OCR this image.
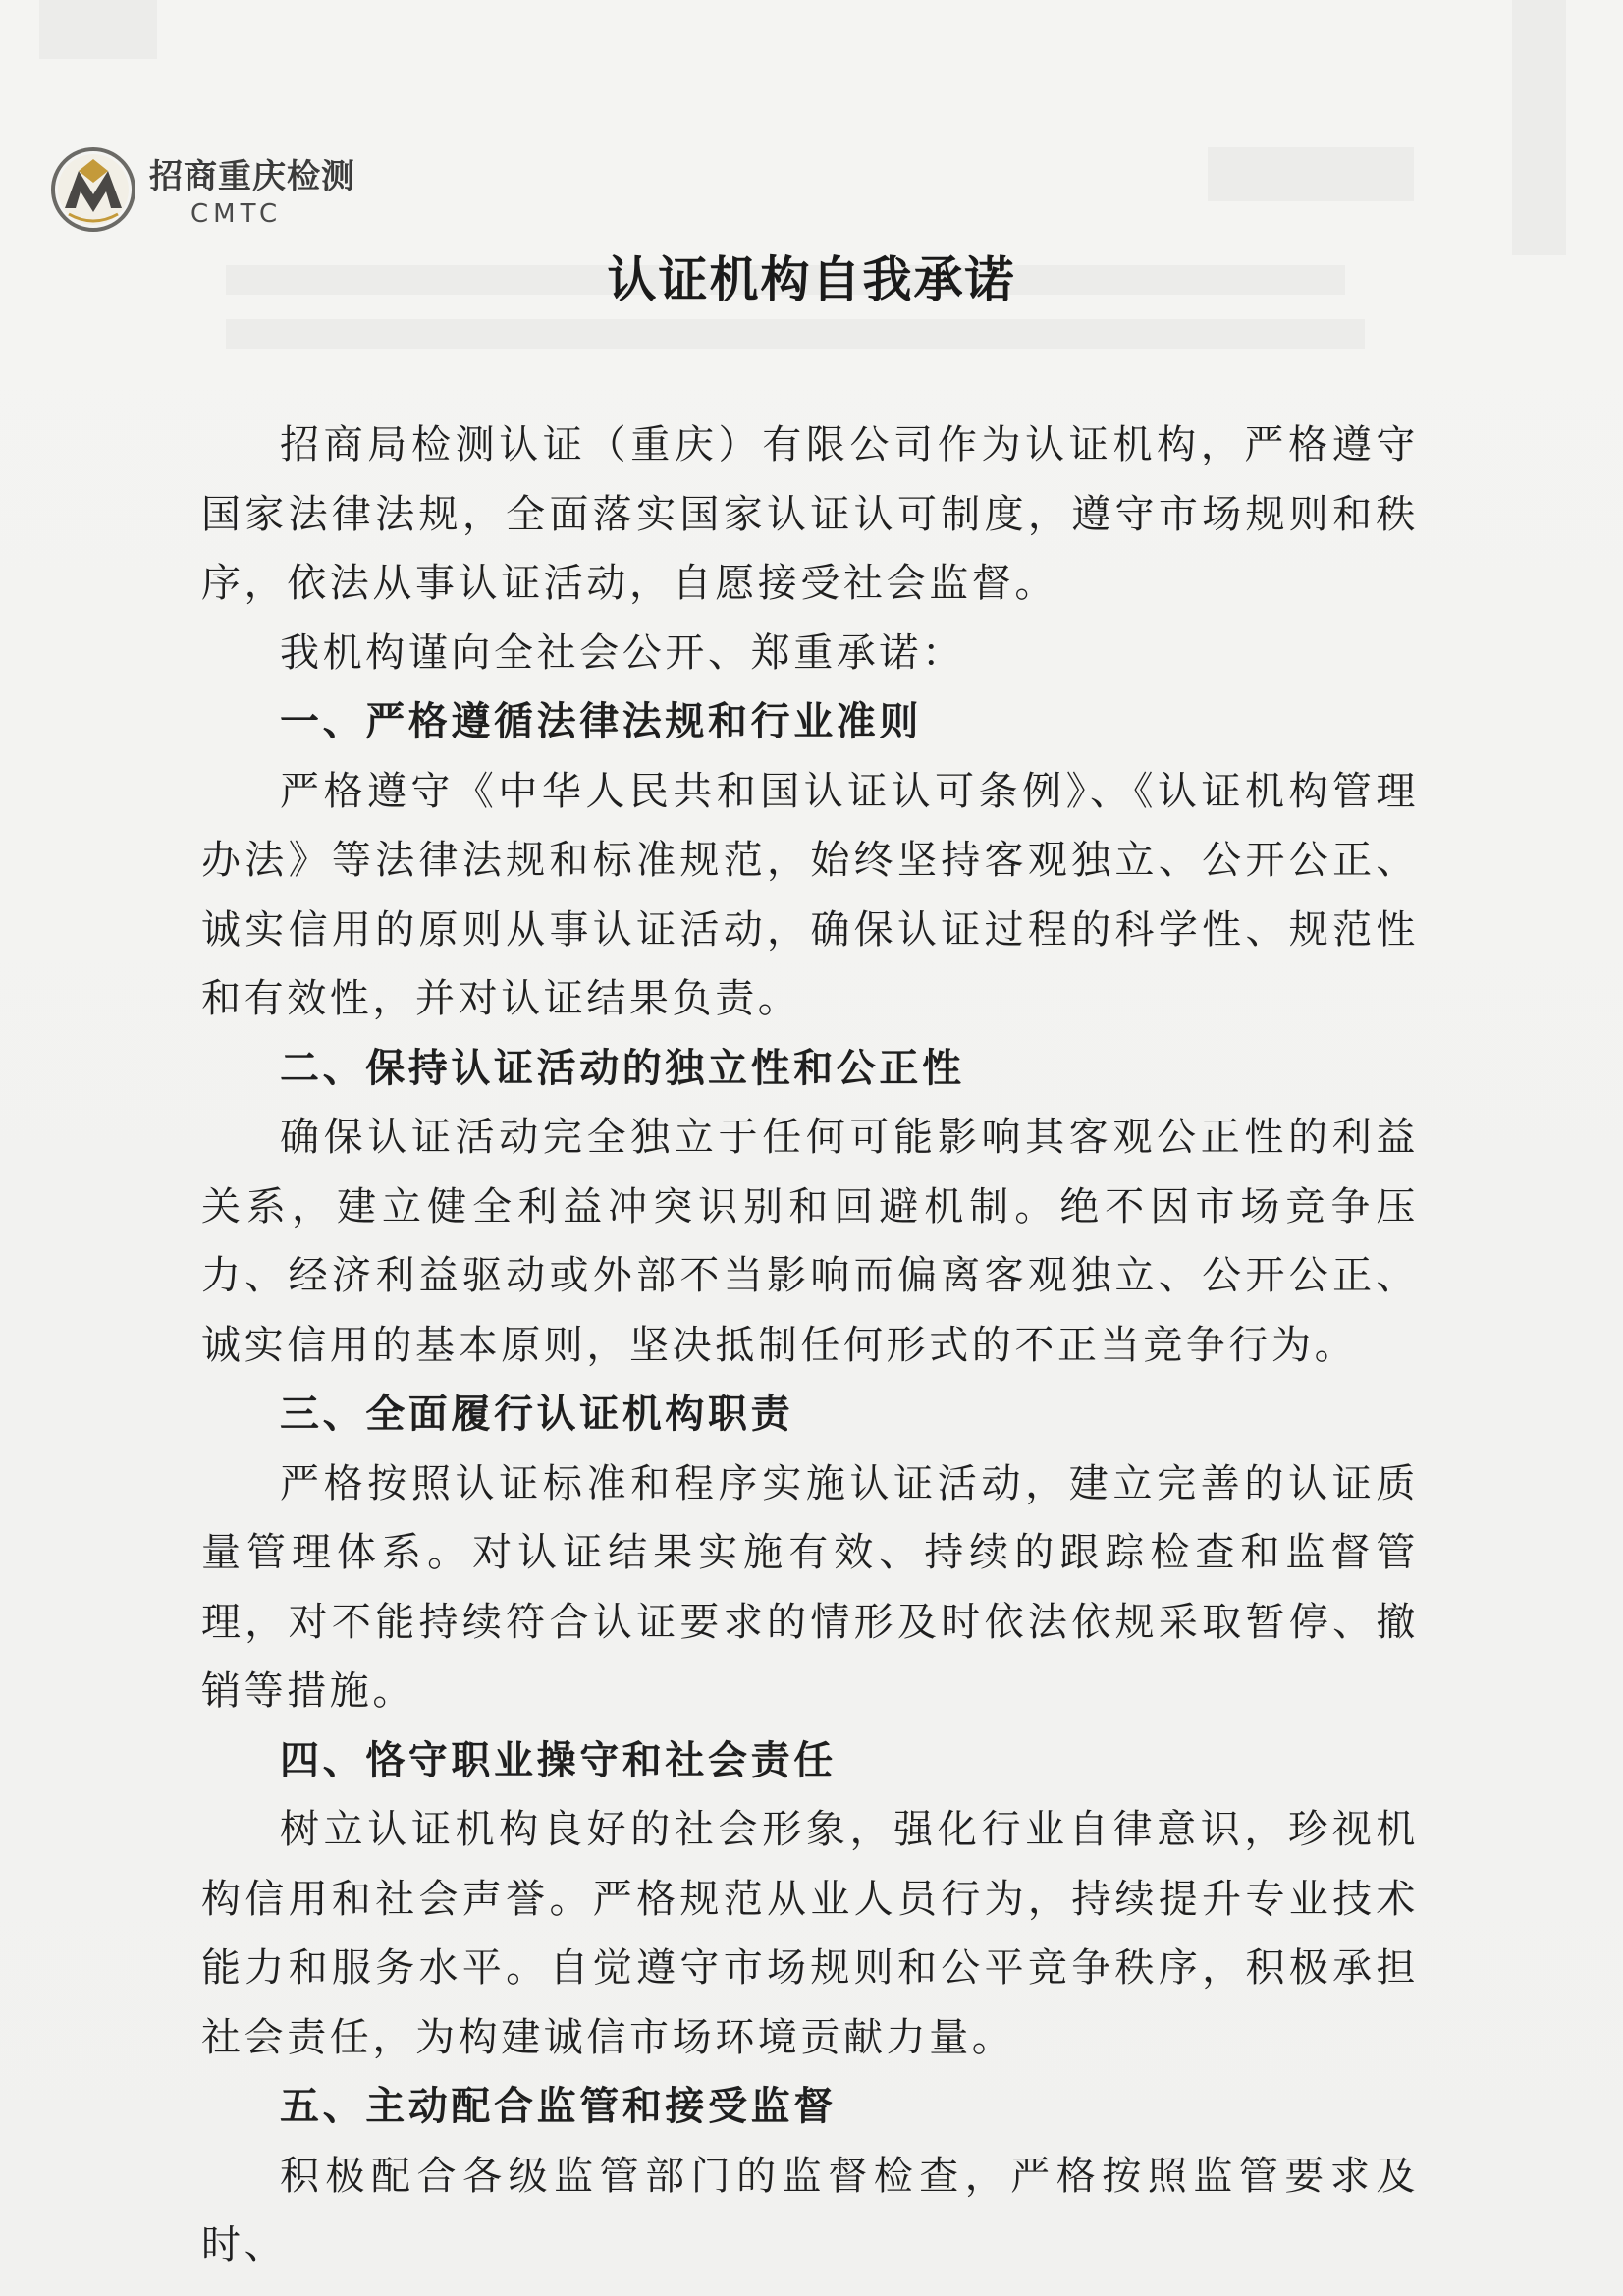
招商重庆检测
CMTC
认证机构自我承诺

招商局检测认证（重庆）有限公司作为认证机构，严格遵守国家法律法规，全面落实国家认证认可制度，遵守市场规则和秩序，依法从事认证活动，自愿接受社会监督。

我机构谨向全社会公开、郑重承诺：

一、严格遵循法律法规和行业准则

严格遵守《中华人民共和国认证认可条例》、《认证机构管理办法》等法律法规和标准规范，始终坚持客观独立、公开公正、诚实信用的原则从事认证活动，确保认证过程的科学性、规范性和有效性，并对认证结果负责。

二、保持认证活动的独立性和公正性

确保认证活动完全独立于任何可能影响其客观公正性的利益关系，建立健全利益冲突识别和回避机制。绝不因市场竞争压力、经济利益驱动或外部不当影响而偏离客观独立、公开公正、诚实信用的基本原则，坚决抵制任何形式的不正当竞争行为。

三、全面履行认证机构职责

严格按照认证标准和程序实施认证活动，建立完善的认证质量管理体系。对认证结果实施有效、持续的跟踪检查和监督管理，对不能持续符合认证要求的情形及时依法依规采取暂停、撤销等措施。

四、恪守职业操守和社会责任

树立认证机构良好的社会形象，强化行业自律意识，珍视机构信用和社会声誉。严格规范从业人员行为，持续提升专业技术能力和服务水平。自觉遵守市场规则和公平竞争秩序，积极承担社会责任，为构建诚信市场环境贡献力量。

五、主动配合监管和接受监督

积极配合各级监管部门的监督检查，严格按照监管要求及时、
